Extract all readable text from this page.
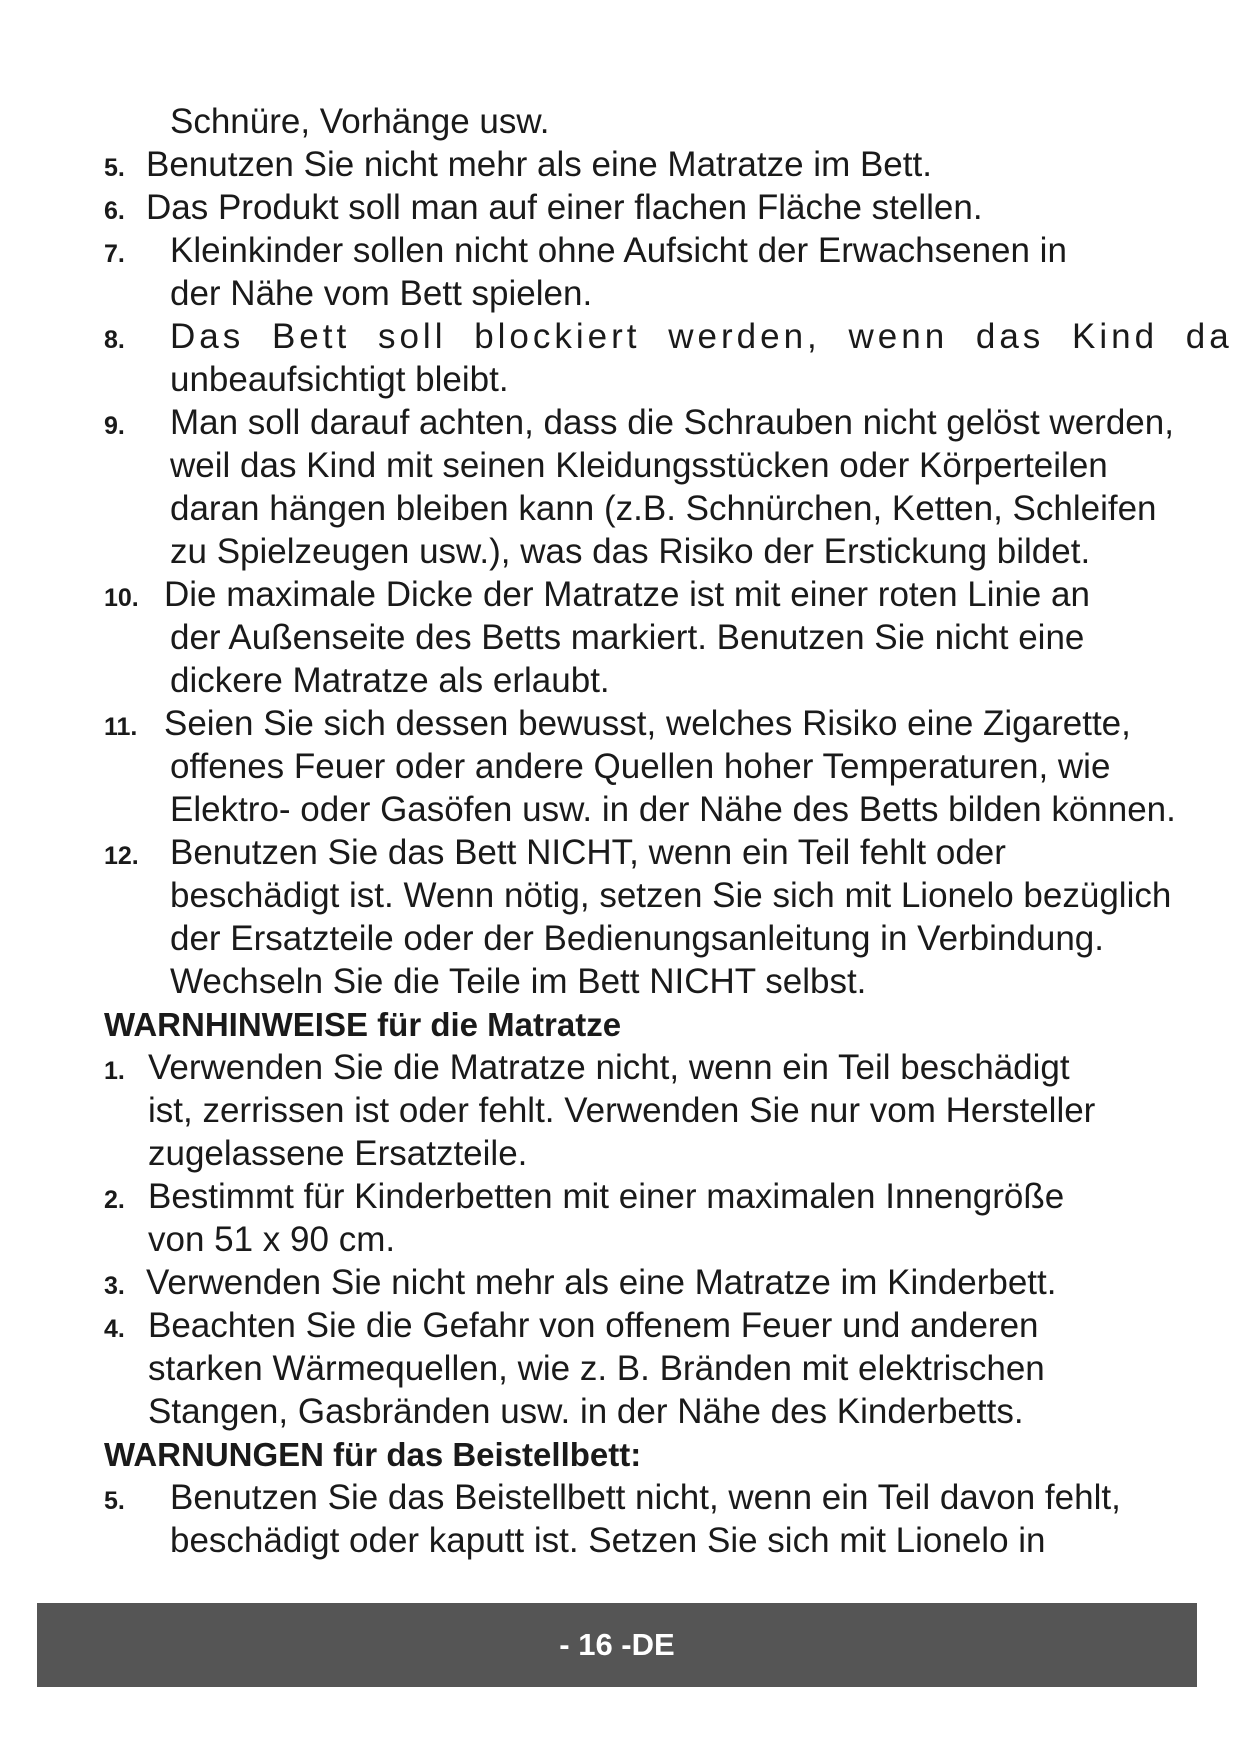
Schnüre, Vorhänge usw.
5. Benutzen Sie nicht mehr als eine Matratze im Bett.
6. Das Produkt soll man auf einer flachen Fläche stellen.
7. Kleinkinder sollen nicht ohne Aufsicht der Erwachsenen in
der Nähe vom Bett spielen.
8. Das Bett soll blockiert werden, wenn das Kind da
unbeaufsichtigt bleibt.
9. Man soll darauf achten, dass die Schrauben nicht gelöst werden,
weil das Kind mit seinen Kleidungsstücken oder Körperteilen
daran hängen bleiben kann (z.B. Schnürchen, Ketten, Schleifen
zu Spielzeugen usw.), was das Risiko der Erstickung bildet.
10. Die maximale Dicke der Matratze ist mit einer roten Linie an
der Außenseite des Betts markiert. Benutzen Sie nicht eine
dickere Matratze als erlaubt.
11. Seien Sie sich dessen bewusst, welches Risiko eine Zigarette,
offenes Feuer oder andere Quellen hoher Temperaturen, wie
Elektro- oder Gasöfen usw. in der Nähe des Betts bilden können.
12. Benutzen Sie das Bett NICHT, wenn ein Teil fehlt oder
beschädigt ist. Wenn nötig, setzen Sie sich mit Lionelo bezüglich
der Ersatzteile oder der Bedienungsanleitung in Verbindung.
Wechseln Sie die Teile im Bett NICHT selbst.
WARNHINWEISE für die Matratze
1. Verwenden Sie die Matratze nicht, wenn ein Teil beschädigt
ist, zerrissen ist oder fehlt. Verwenden Sie nur vom Hersteller
zugelassene Ersatzteile.
2. Bestimmt für Kinderbetten mit einer maximalen Innengröße
von 51 x 90 cm.
3. Verwenden Sie nicht mehr als eine Matratze im Kinderbett.
4. Beachten Sie die Gefahr von offenem Feuer und anderen
starken Wärmequellen, wie z. B. Bränden mit elektrischen
Stangen, Gasbränden usw. in der Nähe des Kinderbetts.
WARNUNGEN für das Beistellbett:
5. Benutzen Sie das Beistellbett nicht, wenn ein Teil davon fehlt,
beschädigt oder kaputt ist. Setzen Sie sich mit Lionelo in
- 16 -DE
